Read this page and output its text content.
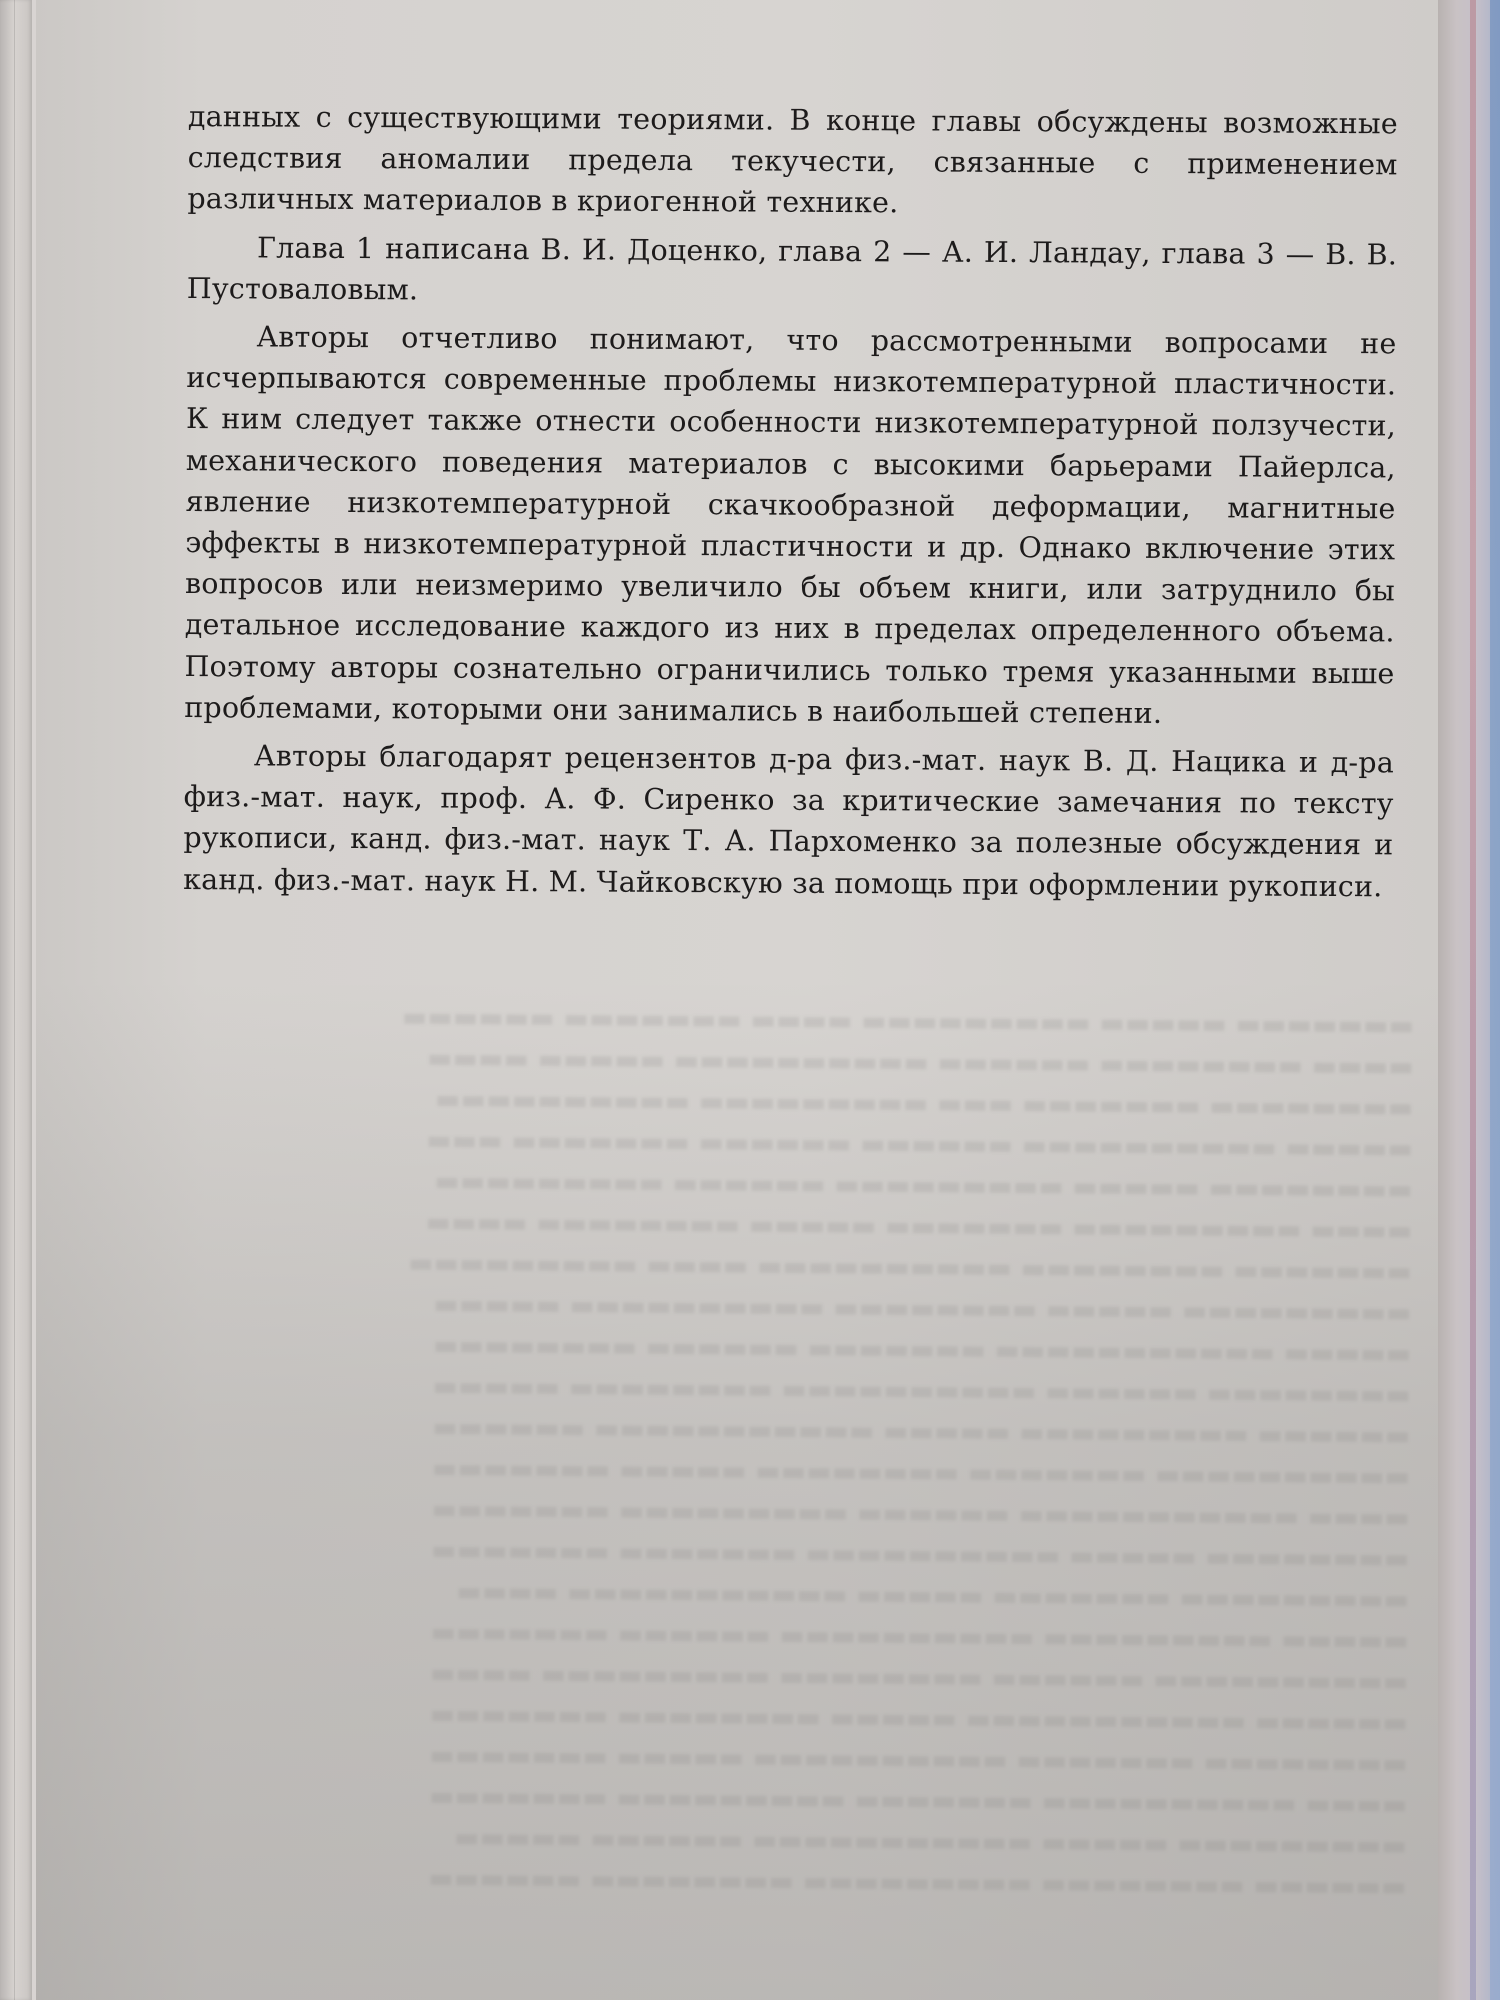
данных с существующими теориями. В конце главы обсуждены возможные следствия аномалии предела текучести, связанные с применением различных материалов в криогенной технике.

Глава 1 написана В. И. Доценко, глава 2 — А. И. Ландау, глава 3 — В. В. Пустоваловым.

Авторы отчетливо понимают, что рассмотренными вопросами не исчерпываются современные проблемы низкотемпературной пластичности. К ним следует также отнести особенности низкотемпературной ползучести, механического поведения материалов с высокими барьерами Пайерлса, явление низкотемпературной скачкообразной деформации, магнитные эффекты в низкотемпературной пластичности и др. Однако включение этих вопросов или неизмеримо увеличило бы объем книги, или затруднило бы детальное исследование каждого из них в пределах определенного объема. Поэтому авторы сознательно ограничились только тремя указанными выше проблемами, которыми они занимались в наибольшей степени.

Авторы благодарят рецензентов д-ра физ.-мат. наук В. Д. Нацика и д-ра физ.-мат. наук, проф. А. Ф. Сиренко за критические замечания по тексту рукописи, канд. физ.-мат. наук Т. А. Пархоменко за полезные обсуждения и канд. физ.-мат. наук Н. М. Чайковскую за помощь при оформлении рукописи.
